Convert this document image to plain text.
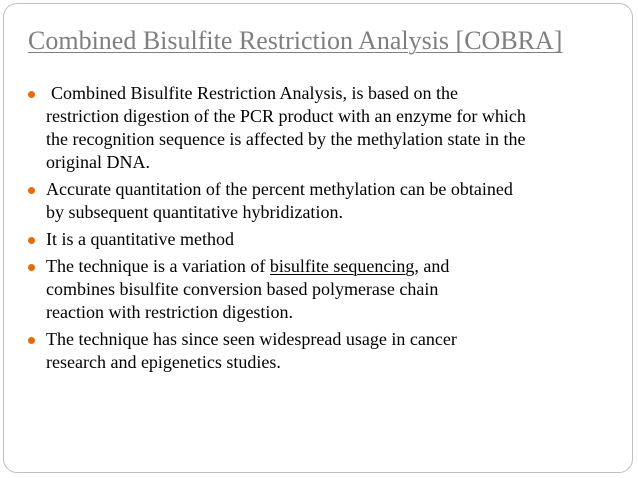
Combined Bisulfite Restriction Analysis [COBRA]
Combined Bisulfite Restriction Analysis, is based on the
restriction digestion of the PCR product with an enzyme for which
the recognition sequence is affected by the methylation state in the
original DNA.
Accurate quantitation of the percent methylation can be obtained
by subsequent quantitative hybridization.
It is a quantitative method
The technique is a variation of bisulfite sequencing, and
combines bisulfite conversion based polymerase chain
reaction with restriction digestion.
The technique has since seen widespread usage in cancer
research and epigenetics studies.
